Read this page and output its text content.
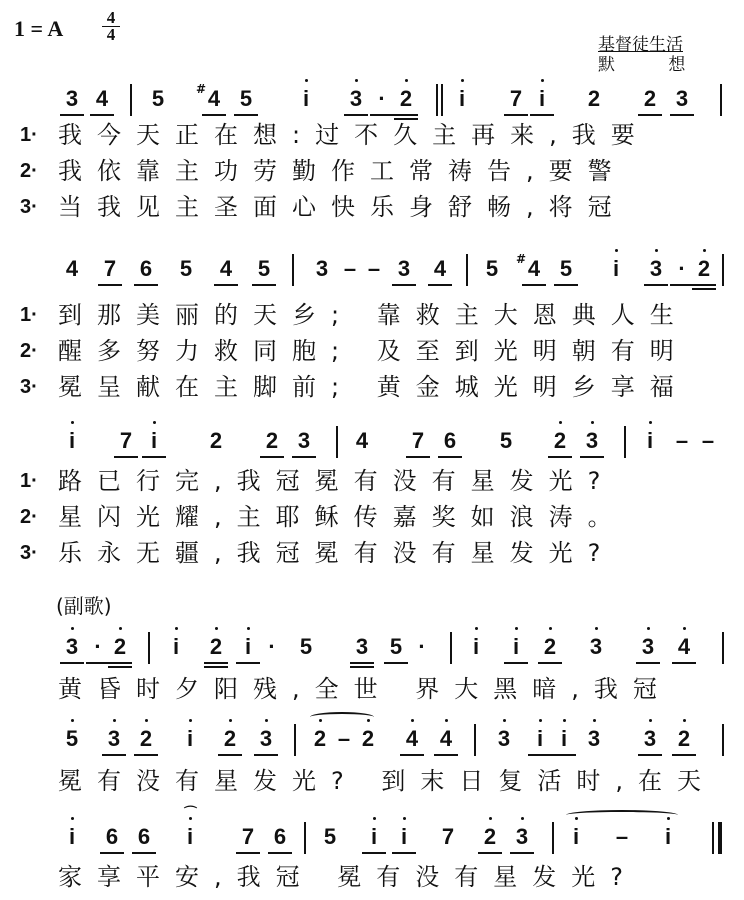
1 = A $\frac{4}{4}$
基督徒生活
默 想
3 4 5	# 4 5	i	3 · 2	i	7 i	2 2 3
1· 我今天正在想:过不久主再来,我要
2· 我依靠主功劳勤作工常祷告,要警
3· 当我见主圣面心快乐身舒畅,将冠
4 7 6 5 4 5 3 – – 3 4 5	# 4 5	i	3 · 2
1· 到那美丽的天乡; 靠救主大恩典人生
2· 醒多努力救同胞; 及至到光明朝有明
3· 冕呈献在主脚前; 黄金城光明乡享福
i	7 i	2 2 3 4 7 6 5 2 3	i	– –
1· 路已行完,我冠冕有没有星发光?
2· 星闪光耀,主耶稣传嘉奖如浪涛。
3· 乐永无疆,我冠冕有没有星发光?
(副歌)
3 · 2	i	2	i · 5 3 5 ·	i	i	2 3 3 4
黄昏时夕阳残,全世 界大黑暗,我冠
5 3 2	i	2 3 2 – 2 4 4 3	i i 3 3 2
冕有没有星发光? 到末日复活时,在天
i	6 6	i
⌒
7 6 5	i	i	7 2 3	i	–	i
家享平安,我冠 冕有没有星发光?
